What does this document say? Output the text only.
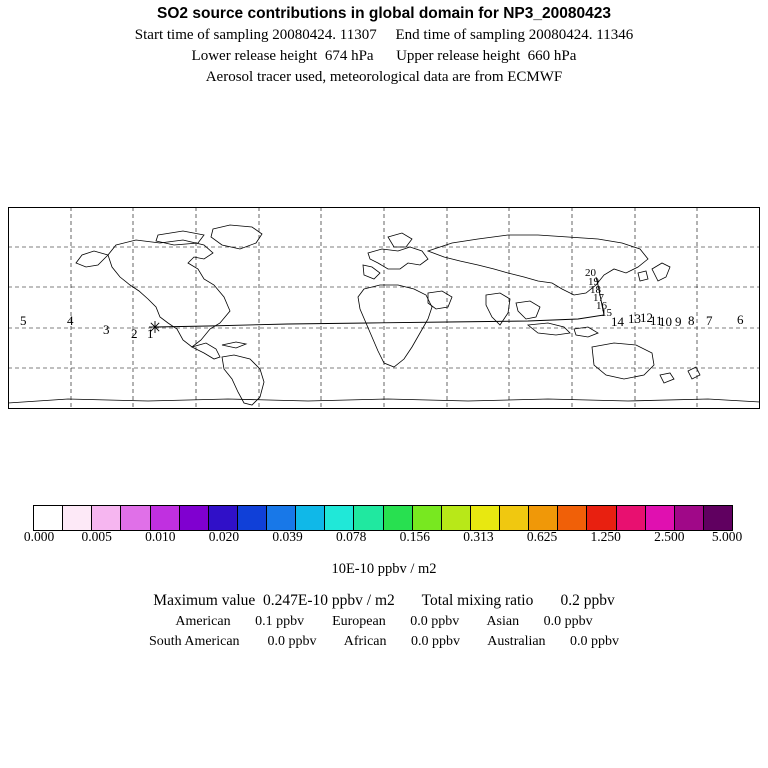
SO2 source contributions in global domain for NP3_20080423
Start time of sampling 20080424. 11307     End time of sampling 20080424. 11346
Lower release height  674 hPa      Upper release height  660 hPa
Aerosol tracer used, meteorological data are from ECMWF
5	4
3 2 1
14 13 12
11
10 9 8 7 6
20
19
18
17
16
15
0.000 0.005 0.010 0.020 0.039 0.078 0.156 0.313 0.625 1.250 2.500 5.000
10E-10 ppbv / m2
Maximum value  0.247E-10 ppbv / m2       Total mixing ratio       0.2 ppbv
American       0.1 ppbv        European       0.0 ppbv        Asian       0.0 ppbv
South American        0.0 ppbv        African       0.0 ppbv        Australian       0.0 ppbv
